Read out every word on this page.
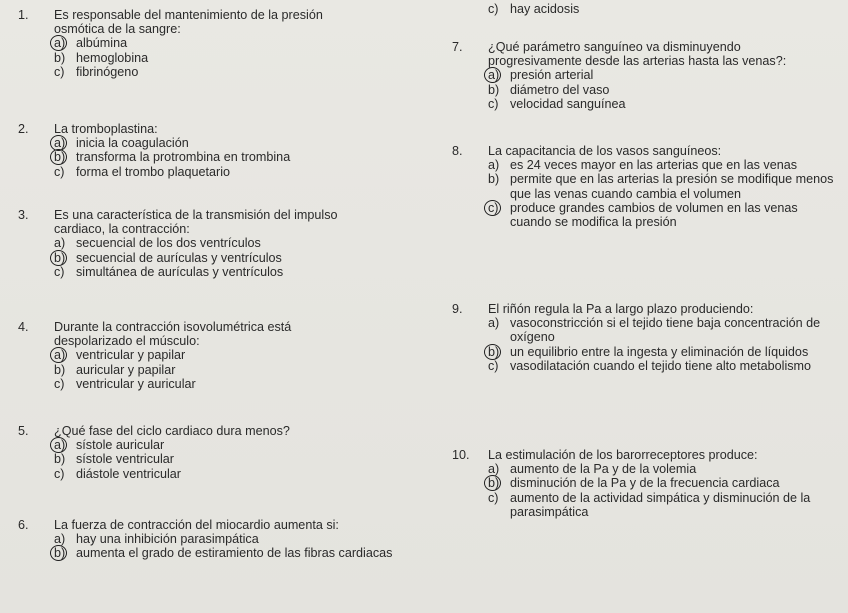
1.	Es responsable del mantenimiento de la presión
osmótica de la sangre:
a) albúmina
b) hemoglobina
c) fibrinógeno
2.	La tromboplastina:
a) inicia la coagulación
b) transforma la protrombina en trombina
c) forma el trombo plaquetario
3.	Es una característica de la transmisión del impulso
cardiaco, la contracción:
a) secuencial de los dos ventrículos
b) secuencial de aurículas y ventrículos
c) simultánea de aurículas y ventrículos
4.	Durante la contracción isovolumétrica está
despolarizado el músculo:
a) ventricular y papilar
b) auricular y papilar
c) ventricular y auricular
5.	¿Qué fase del ciclo cardiaco dura menos?
a) sístole auricular
b) sístole ventricular
c) diástole ventricular
6.	La fuerza de contracción del miocardio aumenta si:
a) hay una inhibición parasimpática
b) aumenta el grado de estiramiento de las fibras cardiacas
c) hay acidosis
7.	¿Qué parámetro sanguíneo va disminuyendo
progresivamente desde las arterias hasta las venas?:
a) presión arterial
b) diámetro del vaso
c) velocidad sanguínea
8.	La capacitancia de los vasos sanguíneos:
a) es 24 veces mayor en las arterias que en las venas
b) permite que en las arterias la presión se modifique menos que las venas cuando cambia el volumen
c) produce grandes cambios de volumen en las venas cuando se modifica la presión
9.	El riñón regula la Pa a largo plazo produciendo:
a) vasoconstricción si el tejido tiene baja concentración de oxígeno
b) un equilibrio entre la ingesta y eliminación de líquidos
c) vasodilatación cuando el tejido tiene alto metabolismo
10.	La estimulación de los barorreceptores produce:
a) aumento de la Pa y de la volemia
b) disminución de la Pa y de la frecuencia cardiaca
c) aumento de la actividad simpática y disminución de la parasimpática
